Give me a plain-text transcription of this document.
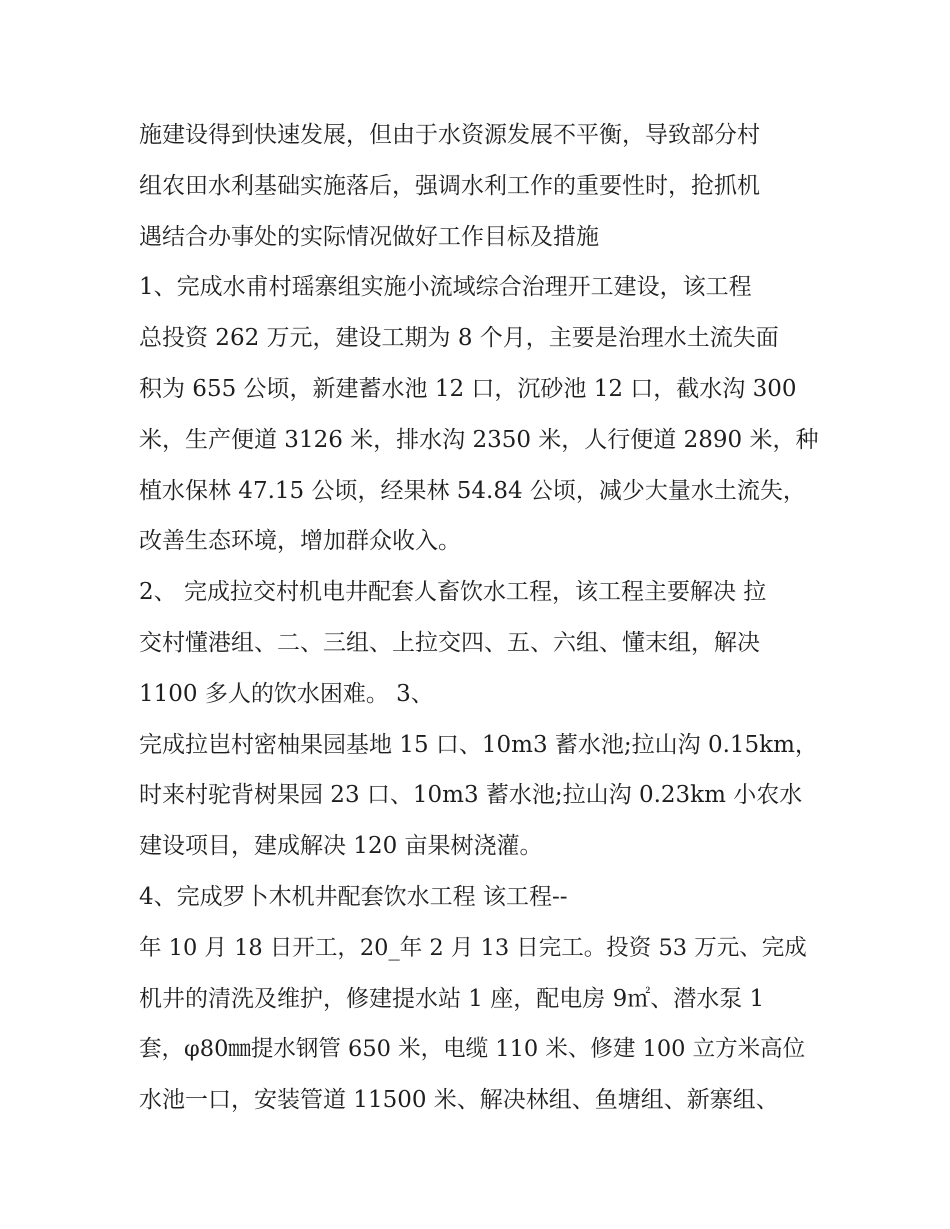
施建设得到快速发展，但由于水资源发展不平衡，导致部分村
组农田水利基础实施落后，强调水利工作的重要性时，抢抓机
遇结合办事处的实际情况做好工作目标及措施
1、完成水甫村瑶寨组实施小流域综合治理开工建设，该工程
总投资 262 万元，建设工期为 8 个月，主要是治理水土流失面
积为 655 公顷，新建蓄水池 12 口，沉砂池 12 口，截水沟 300
米，生产便道 3126 米，排水沟 2350 米，人行便道 2890 米，种
植水保林 47.15 公顷，经果林 54.84 公顷，减少大量水土流失，
改善生态环境，增加群众收入。
2、 完成拉交村机电井配套人畜饮水工程，该工程主要解决 拉
交村懂港组、二、三组、上拉交四、五、六组、懂末组，解决
1100 多人的饮水困难。 3、
完成拉岜村密柚果园基地 15 口、10m3 蓄水池;拉山沟 0.15km，
时来村驼背树果园 23 口、10m3 蓄水池;拉山沟 0.23km 小农水
建设项目，建成解决 120 亩果树浇灌。
4、完成罗卜木机井配套饮水工程 该工程--
年 10 月 18 日开工，20_年 2 月 13 日完工。投资 53 万元、完成
机井的清洗及维护，修建提水站 1 座，配电房 9㎡、潜水泵 1
套，φ80㎜提水钢管 650 米，电缆 110 米、修建 100 立方米高位
水池一口，安装管道 11500 米、解决林组、鱼塘组、新寨组、
